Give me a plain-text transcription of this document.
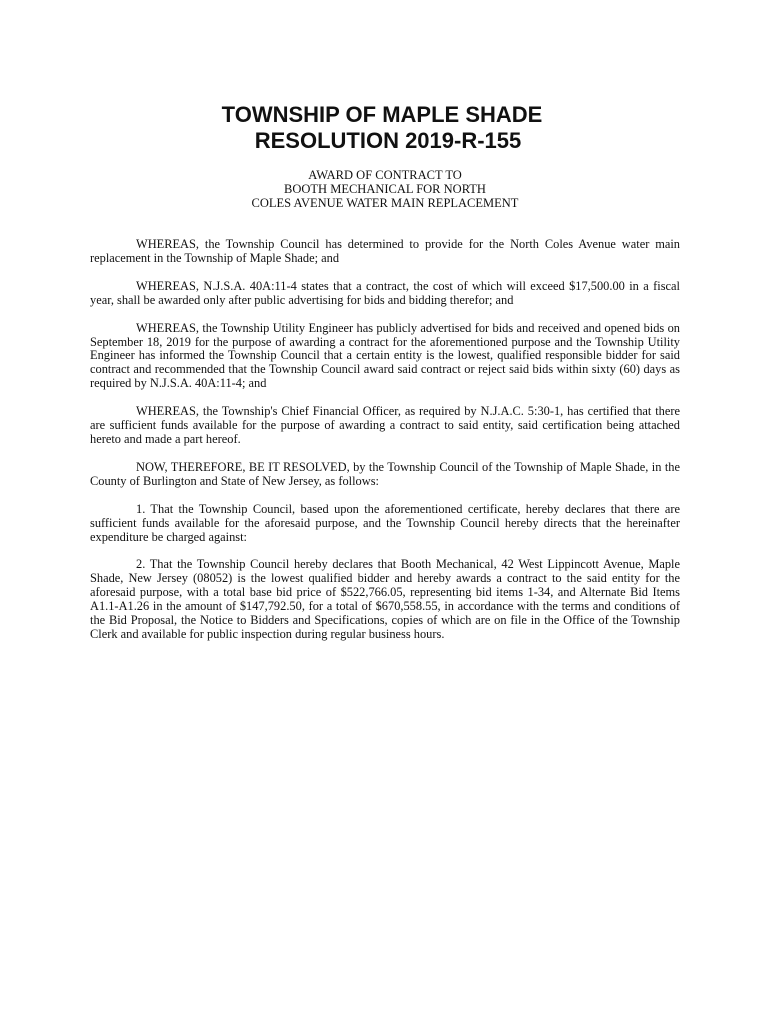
TOWNSHIP OF MAPLE SHADE
RESOLUTION 2019-R-155
AWARD OF CONTRACT TO
BOOTH MECHANICAL FOR NORTH
COLES AVENUE WATER MAIN REPLACEMENT

WHEREAS, the Township Council has determined to provide for the North Coles Avenue water main replacement in the Township of Maple Shade; and

WHEREAS, N.J.S.A. 40A:11-4 states that a contract, the cost of which will exceed $17,500.00 in a fiscal year, shall be awarded only after public advertising for bids and bidding therefor; and

WHEREAS, the Township Utility Engineer has publicly advertised for bids and received and opened bids on September 18, 2019 for the purpose of awarding a contract for the aforementioned purpose and the Township Utility Engineer has informed the Township Council that a certain entity is the lowest, qualified responsible bidder for said contract and recommended that the Township Council award said contract or reject said bids within sixty (60) days as required by N.J.S.A. 40A:11-4; and

WHEREAS, the Township's Chief Financial Officer, as required by N.J.A.C. 5:30-1, has certified that there are sufficient funds available for the purpose of awarding a contract to said entity, said certification being attached hereto and made a part hereof.

NOW, THEREFORE, BE IT RESOLVED, by the Township Council of the Township of Maple Shade, in the County of Burlington and State of New Jersey, as follows:

1. That the Township Council, based upon the aforementioned certificate, hereby declares that there are sufficient funds available for the aforesaid purpose, and the Township Council hereby directs that the hereinafter expenditure be charged against:

2. That the Township Council hereby declares that Booth Mechanical, 42 West Lippincott Avenue, Maple Shade, New Jersey (08052) is the lowest qualified bidder and hereby awards a contract to the said entity for the aforesaid purpose, with a total base bid price of $522,766.05, representing bid items 1-34, and Alternate Bid Items A1.1-A1.26 in the amount of $147,792.50, for a total of $670,558.55, in accordance with the terms and conditions of the Bid Proposal, the Notice to Bidders and Specifications, copies of which are on file in the Office of the Township Clerk and available for public inspection during regular business hours.
